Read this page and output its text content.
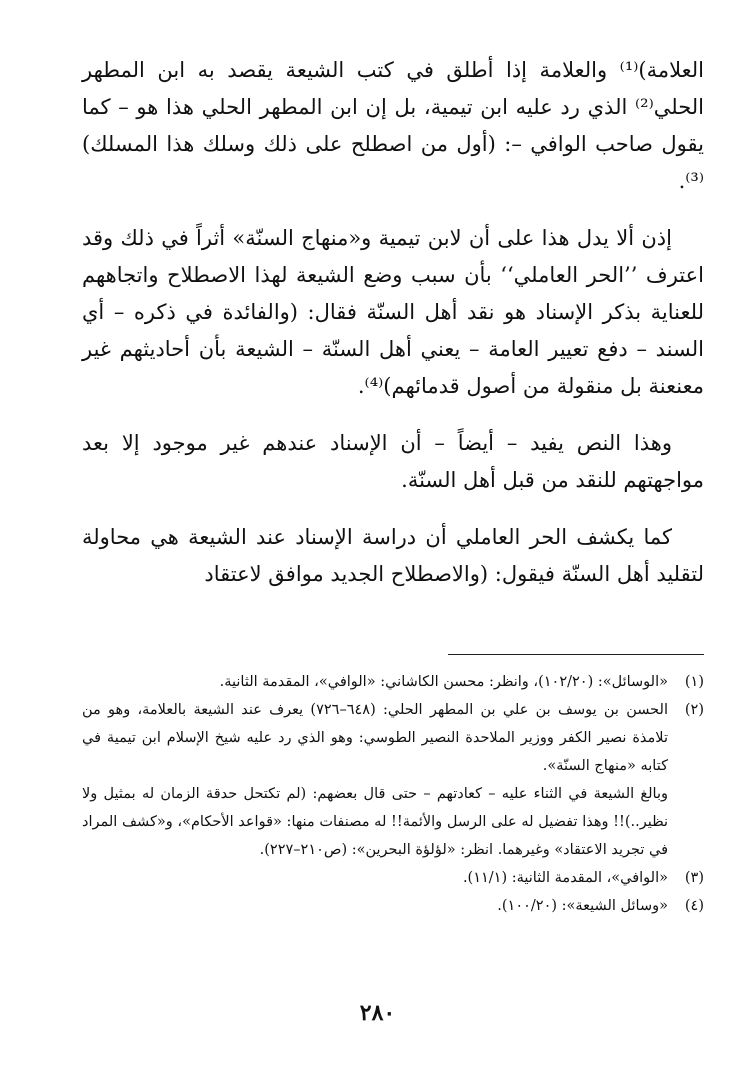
العلامة)⁽¹⁾ والعلامة إذا أطلق في كتب الشيعة يقصد به ابن المطهر الحلي⁽²⁾ الذي رد عليه ابن تيمية، بل إن ابن المطهر الحلي هذا هو – كما يقول صاحب الوافي –: (أول من اصطلح على ذلك وسلك هذا المسلك)⁽³⁾.

إذن ألا يدل هذا على أن لابن تيمية و«منهاج السنّة» أثراً في ذلك وقد اعترف ’’الحر العاملي‘‘ بأن سبب وضع الشيعة لهذا الاصطلاح واتجاههم للعناية بذكر الإسناد هو نقد أهل السنّة فقال: (والفائدة في ذكره – أي السند – دفع تعيير العامة – يعني أهل السنّة – الشيعة بأن أحاديثهم غير معنعنة بل منقولة من أصول قدمائهم)⁽⁴⁾.

وهذا النص يفيد – أيضاً – أن الإسناد عندهم غير موجود إلا بعد مواجهتهم للنقد من قبل أهل السنّة.

كما يكشف الحر العاملي أن دراسة الإسناد عند الشيعة هي محاولة لتقليد أهل السنّة فيقول: (والاصطلاح الجديد موافق لاعتقاد

(١)

«الوسائل»: (١٠٢/٢٠)، وانظر: محسن الكاشاني: «الوافي»، المقدمة الثانية.

(٢)

الحسن بن يوسف بن علي بن المطهر الحلي: (٦٤٨–٧٢٦) يعرف عند الشيعة بالعلامة، وهو من تلامذة نصير الكفر ووزير الملاحدة النصير الطوسي: وهو الذي رد عليه شيخ الإسلام ابن تيمية في كتابه «منهاج السنّة».

وبالغ الشيعة في الثناء عليه – كعادتهم – حتى قال بعضهم: (لم تكتحل حدقة الزمان له بمثيل ولا نظير..)!! وهذا تفضيل له على الرسل والأئمة!! له مصنفات منها: «قواعد الأحكام»، و«كشف المراد في تجريد الاعتقاد» وغيرهما. انظر: «لؤلؤة البحرين»: (ص٢١٠–٢٢٧).

(٣)

«الوافي»، المقدمة الثانية: (١١/١).

(٤)

«وسائل الشيعة»: (١٠٠/٢٠).

٢٨٠
